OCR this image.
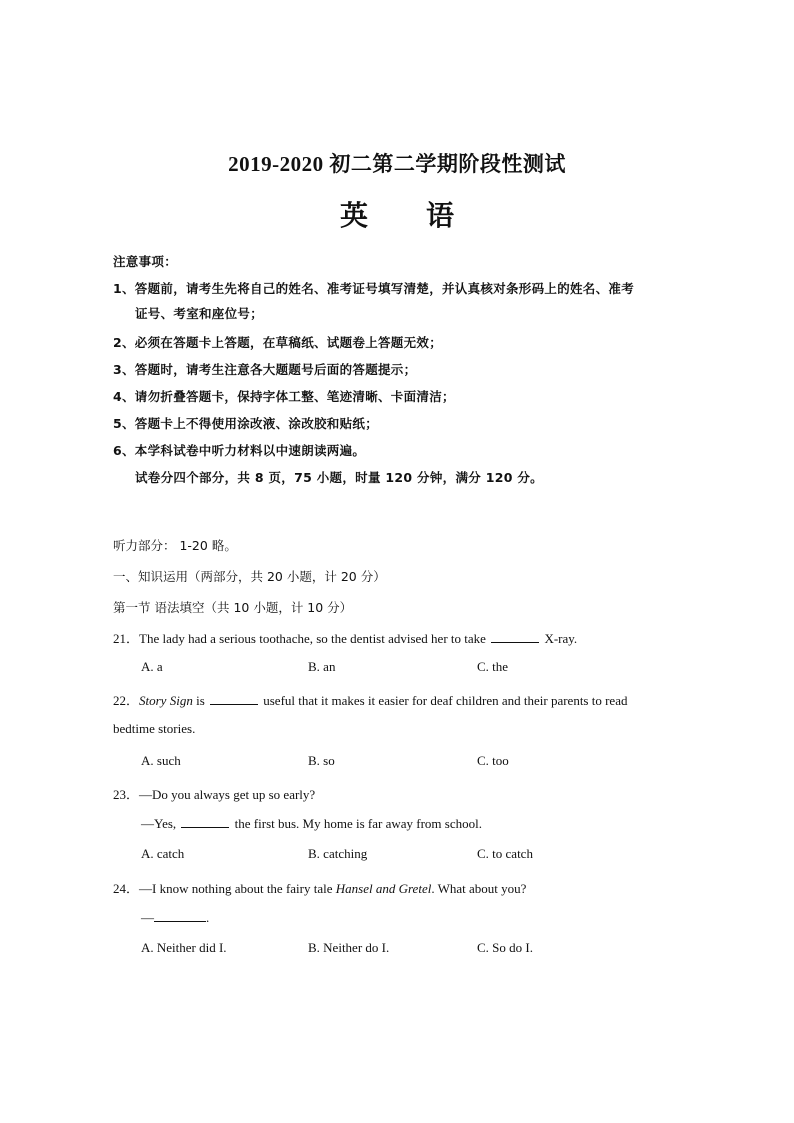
2019-2020 初二第二学期阶段性测试
英 语
注意事项：
1、答题前，请考生先将自己的姓名、准考证号填写清楚，并认真核对条形码上的姓名、准考
证号、考室和座位号；
2、必须在答题卡上答题，在草稿纸、试题卷上答题无效；
3、答题时，请考生注意各大题题号后面的答题提示；
4、请勿折叠答题卡，保持字体工整、笔迹清晰、卡面清洁；
5、答题卡上不得使用涂改液、涂改胶和贴纸；
6、本学科试卷中听力材料以中速朗读两遍。
试卷分四个部分，共 8 页，75 小题，时量 120 分钟，满分 120 分。
听力部分： 1-20 略。
一、知识运用（两部分，共 20 小题，计 20 分）
第一节 语法填空（共 10 小题，计 10 分）
21．The lady had a serious toothache, so the dentist advised her to take	X-ray.
A. a	B. an	C. the
22．Story Sign is	useful that it makes it easier for deaf children and their parents to read
bedtime stories.
A. such	B. so	C. too
23．—Do you always get up so early?
—Yes,	the first bus. My home is far away from school.
A. catch	B. catching	C. to catch
24．—I know nothing about the fairy tale Hansel and Gretel. What about you?
—	.
A. Neither did I.	B. Neither do I.	C. So do I.
